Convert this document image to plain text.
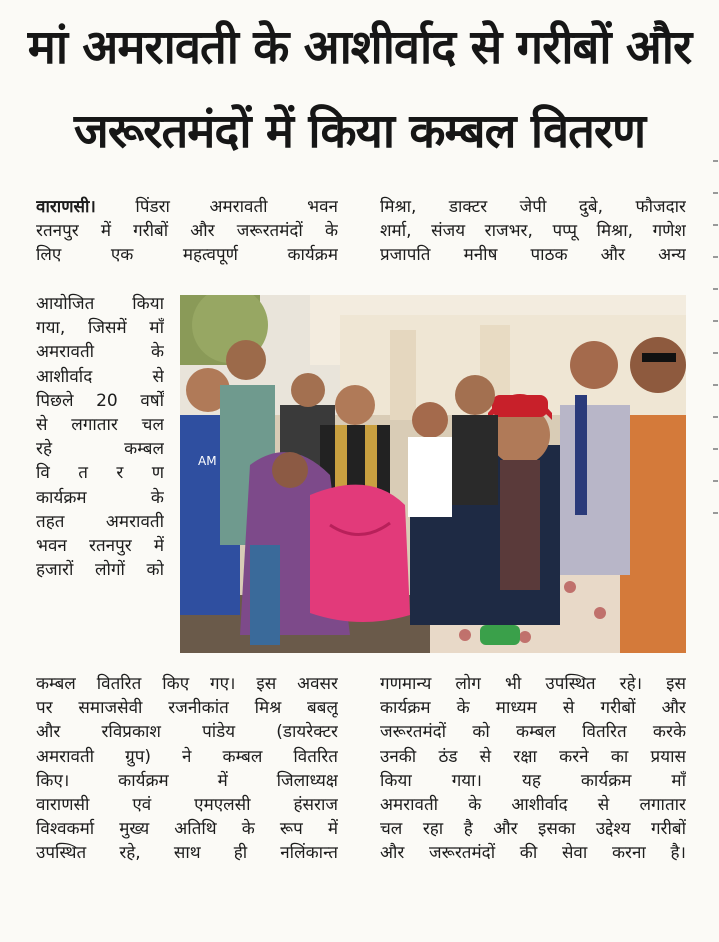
मां अमरावती के आशीर्वाद से गरीबों और
जरूरतमंदों में किया कम्बल वितरण
वाराणसी। पिंडरा अमरावती भवन
रतनपुर में गरीबों और जरूरतमंदों के
लिए एक महत्वपूर्ण कार्यक्रम
आयोजित किया
गया, जिसमें माँ
अमरावती के
आशीर्वाद से
पिछले 20 वर्षों
से लगातार चल
रहे कम्बल
वि त र ण
कार्यक्रम के
तहत अमरावती
भवन रतनपुर में
हजारों लोगों को
कम्बल वितरित किए गए। इस अवसर
पर समाजसेवी रजनीकांत मिश्र बबलू
और रविप्रकाश पांडेय (डायरेक्टर
अमरावती ग्रुप) ने कम्बल वितरित
किए। कार्यक्रम में जिलाध्यक्ष
वाराणसी एवं एमएलसी हंसराज
विश्वकर्मा मुख्य अतिथि के रूप में
उपस्थित रहे, साथ ही नलिंकान्त
मिश्रा, डाक्टर जेपी दुबे, फौजदार
शर्मा, संजय राजभर, पप्पू मिश्रा, गणेश
प्रजापति मनीष पाठक और अन्य
गणमान्य लोग भी उपस्थित रहे। इस
कार्यक्रम के माध्यम से गरीबों और
जरूरतमंदों को कम्बल वितरित करके
उनकी ठंड से रक्षा करने का प्रयास
किया गया। यह कार्यक्रम माँ
अमरावती के आशीर्वाद से लगातार
चल रहा है और इसका उद्देश्य गरीबों
और जरूरतमंदों की सेवा करना है।
AM
